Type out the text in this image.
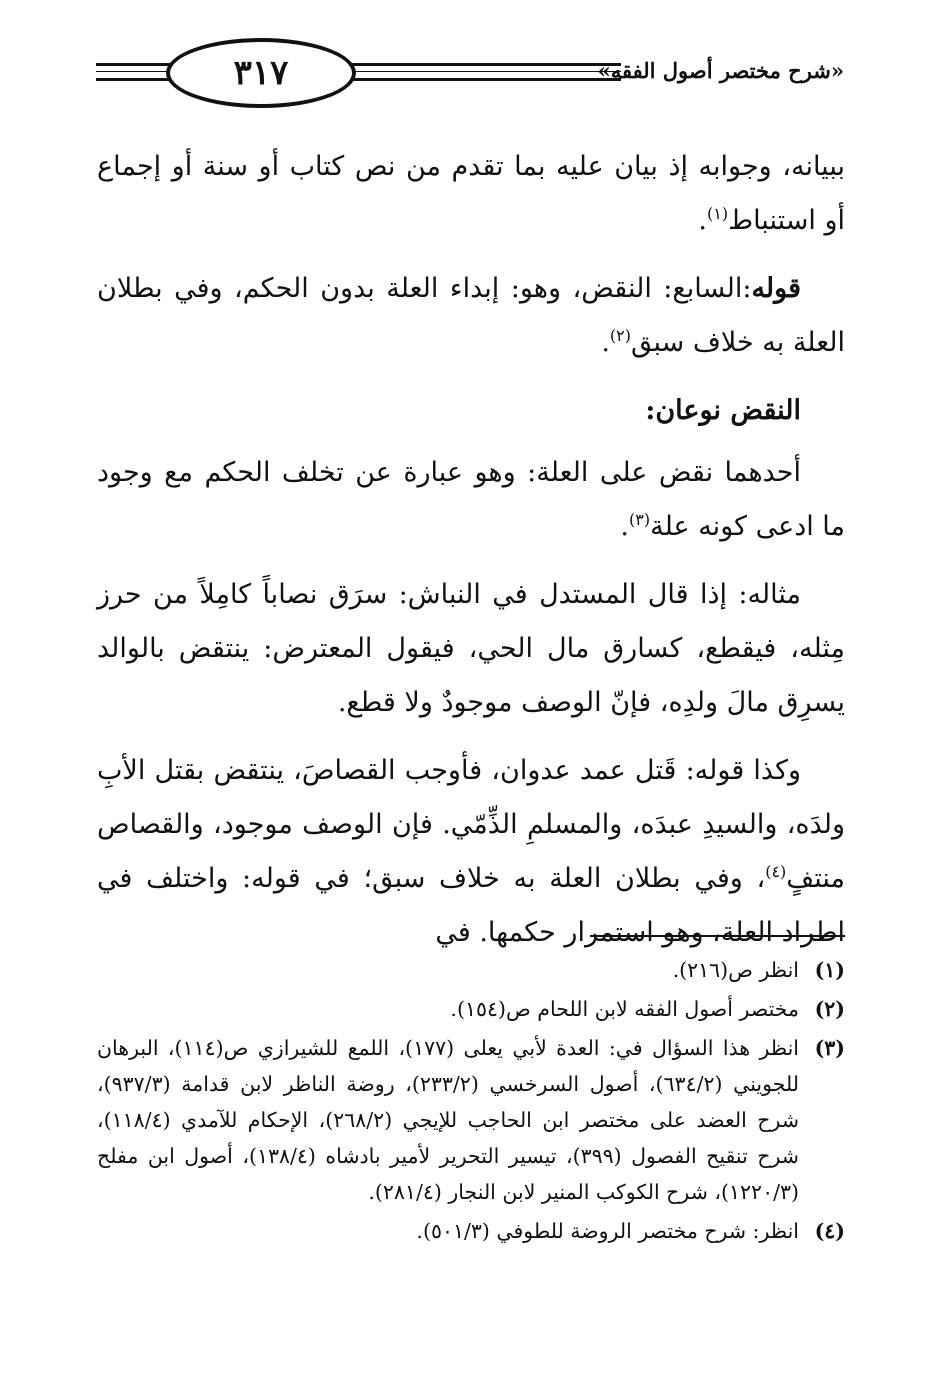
٣١٧	«شرح مختصر أصول الفقه»

ببيانه، وجوابه إذ بيان عليه بما تقدم من نص كتاب أو سنة أو إجماع أو استنباط$^{(١)}$.

قوله:السابع: النقض، وهو: إبداء العلة بدون الحكم، وفي بطلان العلة به خلاف سبق$^{(٢)}$.

النقض نوعان:

أحدهما نقض على العلة: وهو عبارة عن تخلف الحكم مع وجود ما ادعى كونه علة$^{(٣)}$.

مثاله: إذا قال المستدل في النباش: سرَق نصاباً كامِلاً من حرز مِثله، فيقطع، كسارق مال الحي، فيقول المعترض: ينتقض بالوالد يسرِق مالَ ولدِه، فإنّ الوصف موجودٌ ولا قطع.

وكذا قوله: قَتل عمد عدوان، فأوجب القصاصَ، ينتقض بقتل الأبِ ولدَه، والسيدِ عبدَه، والمسلمِ الذِّمّي. فإن الوصف موجود، والقصاص منتفٍ$^{(٤)}$، وفي بطلان العلة به خلاف سبق؛ في قوله: واختلف في اطراد العلة، وهو استمرار حكمها. في

(١)
انظر ص(٢١٦).

(٢)
مختصر أصول الفقه لابن اللحام ص(١٥٤).

(٣)
انظر هذا السؤال في: العدة لأبي يعلى (١٧٧)، اللمع للشيرازي ص(١١٤)، البرهان للجويني (٦٣٤/٢)، أصول السرخسي (٢٣٣/٢)، روضة الناظر لابن قدامة (٩٣٧/٣)، شرح العضد على مختصر ابن الحاجب للإيجي (٢٦٨/٢)، الإحكام للآمدي (١١٨/٤)، شرح تنقيح الفصول (٣٩٩)، تيسير التحرير لأمير بادشاه (١٣٨/٤)، أصول ابن مفلح (١٢٢٠/٣)، شرح الكوكب المنير لابن النجار (٢٨١/٤).

(٤)
انظر: شرح مختصر الروضة للطوفي (٥٠١/٣).
